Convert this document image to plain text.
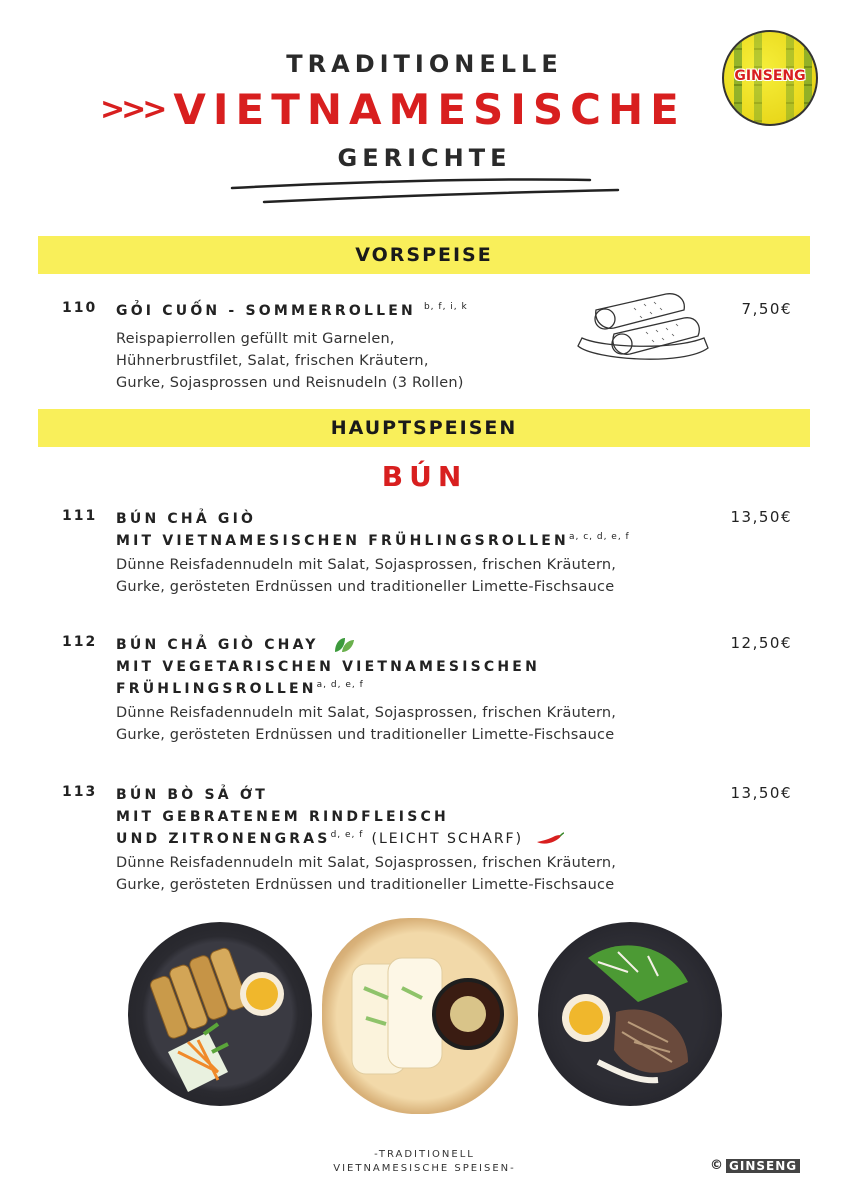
TRADITIONELLE
>>> VIETNAMESISCHE
GERICHTE
GINSENG
VORSPEISE
110 GỎI CUỐN - SOMMERROLLEN $^{b, f, i, k}$	7,50€
Reispapierrollen gefüllt mit Garnelen,
Hühnerbrustfilet, Salat, frischen Kräutern,
Gurke, Sojasprossen und Reisnudeln (3 Rollen)
HAUPTSPEISEN
BÚN
111 BÚN CHẢ GIÒ
MIT VIETNAMESISCHEN FRÜHLINGSROLLEN$^{a, c, d, e, f}$
13,50€
Dünne Reisfadennudeln mit Salat, Sojasprossen, frischen Kräutern,
Gurke, gerösteten Erdnüssen und traditioneller Limette-Fischsauce
112 BÚN CHẢ GIÒ CHAY
MIT VEGETARISCHEN VIETNAMESISCHEN
FRÜHLINGSROLLEN$^{a, d, e, f}$
12,50€
Dünne Reisfadennudeln mit Salat, Sojasprossen, frischen Kräutern,
Gurke, gerösteten Erdnüssen und traditioneller Limette-Fischsauce
113 BÚN BÒ SẢ ỚT
MIT GEBRATENEM RINDFLEISCH
UND ZITRONENGRAS$^{d, e, f}$ (LEICHT SCHARF)
13,50€
Dünne Reisfadennudeln mit Salat, Sojasprossen, frischen Kräutern,
Gurke, gerösteten Erdnüssen und traditioneller Limette-Fischsauce
-TRADITIONELL
VIETNAMESISCHE SPEISEN-	© GINSENG
